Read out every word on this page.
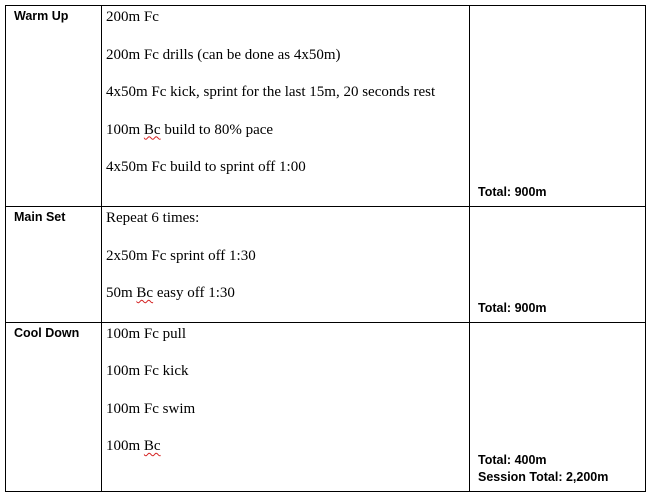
Warm Up	200m Fc
200m Fc drills (can be done as 4x50m)
4x50m Fc kick, sprint for the last 15m, 20 seconds rest
100m Bc build to 80% pace
4x50m Fc build to sprint off 1:00	Total: 900m

Main Set	Repeat 6 times:
2x50m Fc sprint off 1:30
50m Bc easy off 1:30	Total: 900m

Cool Down	100m Fc pull
100m Fc kick
100m Fc swim
100m Bc	Total: 400m
Session Total: 2,200m
